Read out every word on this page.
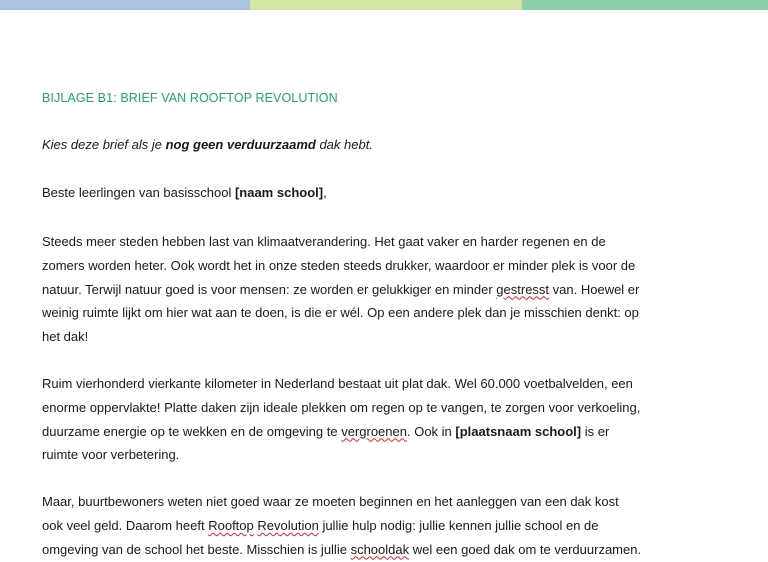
BIJLAGE B1: BRIEF VAN ROOFTOP REVOLUTION
Kies deze brief als je nog geen verduurzaamd dak hebt.
Beste leerlingen van basisschool [naam school],
Steeds meer steden hebben last van klimaatverandering. Het gaat vaker en harder regenen en de
zomers worden heter. Ook wordt het in onze steden steeds drukker, waardoor er minder plek is voor de
natuur. Terwijl natuur goed is voor mensen: ze worden er gelukkiger en minder gestresst van. Hoewel er
weinig ruimte lijkt om hier wat aan te doen, is die er wél. Op een andere plek dan je misschien denkt: op
het dak!
Ruim vierhonderd vierkante kilometer in Nederland bestaat uit plat dak. Wel 60.000 voetbalvelden, een
enorme oppervlakte! Platte daken zijn ideale plekken om regen op te vangen, te zorgen voor verkoeling,
duurzame energie op te wekken en de omgeving te vergroenen. Ook in [plaatsnaam school] is er
ruimte voor verbetering.
Maar, buurtbewoners weten niet goed waar ze moeten beginnen en het aanleggen van een dak kost
ook veel geld. Daarom heeft Rooftop Revolution jullie hulp nodig: jullie kennen jullie school en de
omgeving van de school het beste. Misschien is jullie schooldak wel een goed dak om te verduurzamen.
